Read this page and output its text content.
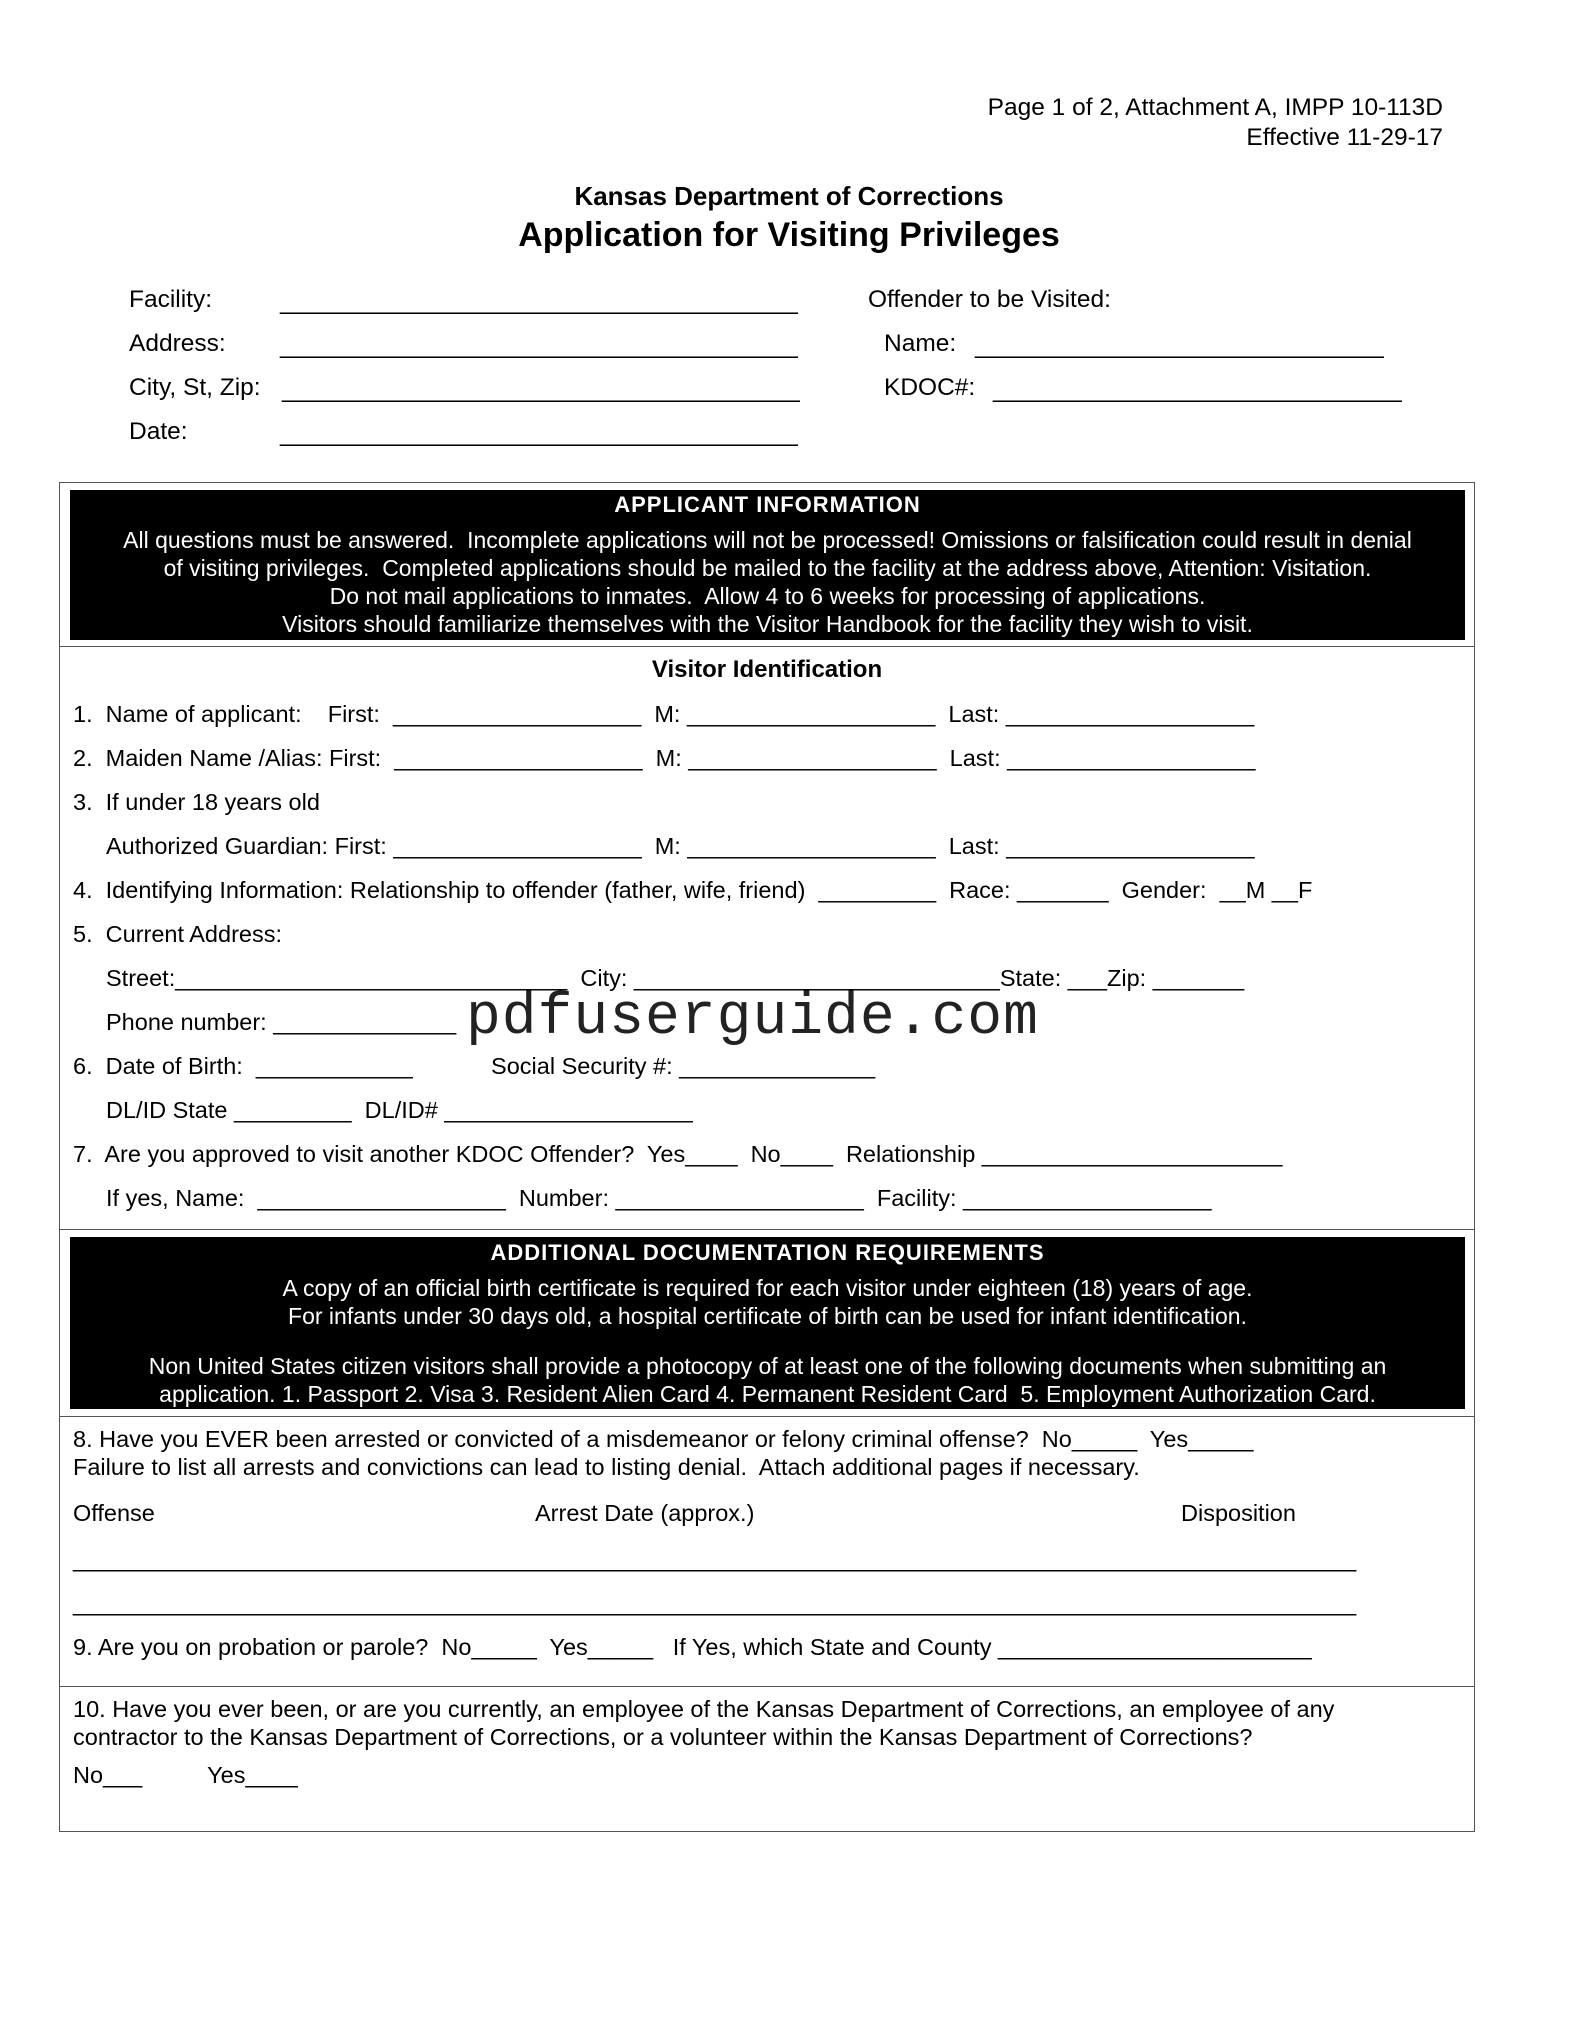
Page 1 of 2, Attachment A, IMPP 10-113D
Effective 11-29-17
Kansas Department of Corrections
Application for Visiting Privileges
Facility:	______________________________________
Address: ______________________________________
City, St, Zip: ______________________________________
Date:	______________________________________
Offender to be Visited:
Name: ______________________________
KDOC#: ______________________________
APPLICANT INFORMATION
All questions must be answered.  Incomplete applications will not be processed! Omissions or falsification could result in denial
of visiting privileges.  Completed applications should be mailed to the facility at the address above, Attention: Visitation.
Do not mail applications to inmates.  Allow 4 to 6 weeks for processing of applications.
Visitors should familiarize themselves with the Visitor Handbook for the facility they wish to visit.
Visitor Identification
1.  Name of applicant:    First:  ___________________  M: ___________________  Last: ___________________
2.  Maiden Name /Alias: First:  ___________________  M: ___________________  Last: ___________________
3.  If under 18 years old
Authorized Guardian: First: ___________________  M: ___________________  Last: ___________________
4.  Identifying Information: Relationship to offender (father, wife, friend)  _________  Race: _______  Gender:  __M __F
5.  Current Address:
Street:______________________________  City: ____________________________State: ___Zip: _______
Phone number: ______________
6.  Date of Birth:  ____________            Social Security #: _______________
DL/ID State _________  DL/ID# ___________________
7.  Are you approved to visit another KDOC Offender?  Yes____  No____  Relationship _______________________
If yes, Name:  ___________________  Number: ___________________  Facility: ___________________
ADDITIONAL DOCUMENTATION REQUIREMENTS
A copy of an official birth certificate is required for each visitor under eighteen (18) years of age.
For infants under 30 days old, a hospital certificate of birth can be used for infant identification.
Non United States citizen visitors shall provide a photocopy of at least one of the following documents when submitting an
application. 1. Passport 2. Visa 3. Resident Alien Card 4. Permanent Resident Card  5. Employment Authorization Card.
8. Have you EVER been arrested or convicted of a misdemeanor or felony criminal offense?  No_____  Yes_____
Failure to list all arrests and convictions can lead to listing denial.  Attach additional pages if necessary.
Offense	Arrest Date (approx.)	Disposition
________________________________________________________________________________________________
________________________________________________________________________________________________
9. Are you on probation or parole?  No_____  Yes_____   If Yes, which State and County ________________________
10. Have you ever been, or are you currently, an employee of the Kansas Department of Corrections, an employee of any
contractor to the Kansas Department of Corrections, or a volunteer within the Kansas Department of Corrections?
No___          Yes____
pdfuserguide.com
